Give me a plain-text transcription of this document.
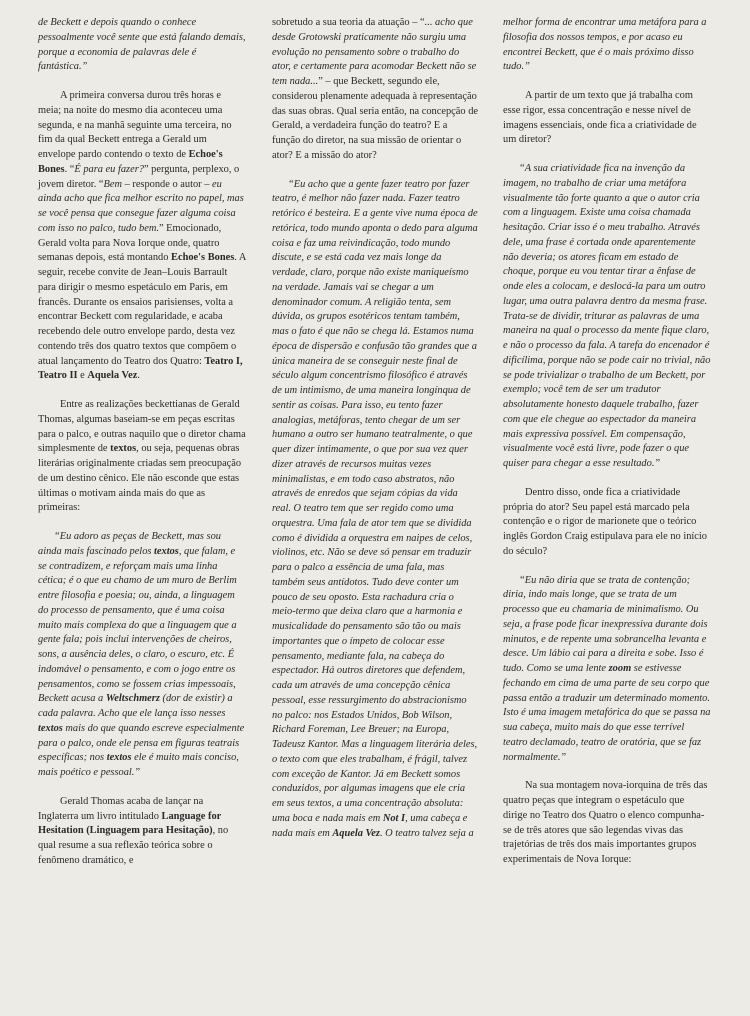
de Beckett e depois quando o conhece pessoalmente você sente que está falando demais, porque a economia de palavras dele é fantástica.”

A primeira conversa durou três horas e meia; na noite do mesmo dia aconteceu uma segunda, e na manhã seguinte uma terceira, no fim da qual Beckett entrega a Gerald um envelope pardo contendo o texto de Echoe's Bones. “É para eu fazer?” pergunta, perplexo, o jovem diretor. “Bem – responde o autor – eu ainda acho que fica melhor escrito no papel, mas se você pensa que consegue fazer alguma coisa com isso no palco, tudo bem.” Emocionado, Gerald volta para Nova Iorque onde, quatro semanas depois, está montando Echoe's Bones. A seguir, recebe convite de Jean–Louis Barrault para dirigir o mesmo espetáculo em Paris, em francês. Durante os ensaios parisienses, volta a encontrar Beckett com regularidade, e acaba recebendo dele outro envelope pardo, desta vez contendo três dos quatro textos que compõem o atual lançamento do Teatro dos Quatro: Teatro I, Teatro II e Aquela Vez.

Entre as realizações beckettianas de Gerald Thomas, algumas baseiam-se em peças escritas para o palco, e outras naquilo que o diretor chama simplesmente de textos, ou seja, pequenas obras literárias originalmente criadas sem preocupação de um destino cênico. Ele não esconde que estas últimas o motivam ainda mais do que as primeiras:

“Eu adoro as peças de Beckett, mas sou ainda mais fascinado pelos textos, que falam, e se contradizem, e reforçam mais uma linha cética; é o que eu chamo de um muro de Berlim entre filosofia e poesia; ou, ainda, a linguagem do processo de pensamento, que é uma coisa muito mais complexa do que a linguagem que a gente fala; pois inclui intervenções de cheiros, sons, a ausência deles, o claro, o escuro, etc. É indomável o pensamento, e com o jogo entre os pensamentos, como se fossem crias impessoais, Beckett acusa a Weltschmerz (dor de existir) a cada palavra. Acho que ele lança isso nesses textos mais do que quando escreve especialmente para o palco, onde ele pensa em figuras teatrais específicas; nos textos ele é muito mais conciso, mais poético e pessoal.”

Gerald Thomas acaba de lançar na Inglaterra um livro intitulado Language for Hesitation (Linguagem para Hesitação), no qual resume a sua reflexão teórica sobre o fenômeno dramático, e

sobretudo a sua teoria da atuação – “... acho que desde Grotowski praticamente não surgiu uma evolução no pensamento sobre o trabalho do ator, e certamente para acomodar Beckett não se tem nada...” – que Beckett, segundo ele, considerou plenamente adequada à representação das suas obras. Qual seria então, na concepção de Gerald, a verdadeira função do teatro? E a função do diretor, na sua missão de orientar o ator? E a missão do ator?

“Eu acho que a gente fazer teatro por fazer teatro, é melhor não fazer nada. Fazer teatro retórico é besteira. E a gente vive numa época de retórica, todo mundo aponta o dedo para alguma coisa e faz uma reivindicação, todo mundo discute, e se está cada vez mais longe da verdade, claro, porque não existe maniqueísmo na verdade. Jamais vai se chegar a um denominador comum. A religião tenta, sem dúvida, os grupos esotéricos tentam também, mas o fato é que não se chega lá. Estamos numa época de dispersão e confusão tão grandes que a única maneira de se conseguir neste final de século algum concentrismo filosófico é através de um intimismo, de uma maneira longínqua de sentir as coisas. Para isso, eu tento fazer analogias, metáforas, tento chegar de um ser humano a outro ser humano teatralmente, o que quer dizer intimamente, o que por sua vez quer dizer através de recursos muitas vezes minimalistas, e em todo caso abstratos, não através de enredos que sejam cópias da vida real. O teatro tem que ser regido como uma orquestra. Uma fala de ator tem que se dividida como é dividida a orquestra em naipes de celos, violinos, etc. Não se deve só pensar em traduzir para o palco a essência de uma fala, mas também seus antídotos. Tudo deve conter um pouco de seu oposto. Esta rachadura cria o meio-termo que deixa claro que a harmonia e musicalidade do pensamento são tão ou mais importantes que o ímpeto de colocar esse pensamento, mediante fala, na cabeça do espectador. Há outros diretores que defendem, cada um através de uma concepção cênica pessoal, esse ressurgimento do abstracionismo no palco: nos Estados Unidos, Bob Wilson, Richard Foreman, Lee Breuer; na Europa, Tadeusz Kantor. Mas a linguagem literária deles, o texto com que eles trabalham, é frágil, talvez com exceção de Kantor. Já em Beckett somos conduzidos, por algumas imagens que ele cria em seus textos, a uma concentração absoluta: uma boca e nada mais em Not I, uma cabeça e nada mais em Aquela Vez. O teatro talvez seja a

melhor forma de encontrar uma metáfora para a filosofia dos nossos tempos, e por acaso eu encontrei Beckett, que é o mais próximo disso tudo.”

A partir de um texto que já trabalha com esse rigor, essa concentração e nesse nível de imagens essenciais, onde fica a criatividade de um diretor?

“A sua criatividade fica na invenção da imagem, no trabalho de criar uma metáfora visualmente tão forte quanto a que o autor cria com a linguagem. Existe uma coisa chamada hesitação. Criar isso é o meu trabalho. Através dele, uma frase é cortada onde aparentemente não deveria; os atores ficam em estado de choque, porque eu vou tentar tirar a ênfase de onde eles a colocam, e deslocá-la para um outro lugar, uma outra palavra dentro da mesma frase. Trata-se de dividir, triturar as palavras de uma maneira na qual o processo da mente fique claro, e não o processo da fala. A tarefa do encenador é dificílima, porque não se pode cair no trivial, não se pode trivializar o trabalho de um Beckett, por exemplo; você tem de ser um tradutor absolutamente honesto daquele trabalho, fazer com que ele chegue ao espectador da maneira mais expressiva possível. Em compensação, visualmente você está livre, pode fazer o que quiser para chegar a esse resultado.”

Dentro disso, onde fica a criatividade própria do ator? Seu papel está marcado pela contenção e o rigor de marionete que o teórico inglês Gordon Craig estipulava para ele no início do século?

“Eu não diria que se trata de contenção; diria, indo mais longe, que se trata de um processo que eu chamaria de minimalismo. Ou seja, a frase pode ficar inexpressiva durante dois minutos, e de repente uma sobrancelha levanta e desce. Um lábio cai para a direita e sobe. Isso é tudo. Como se uma lente zoom se estivesse fechando em cima de uma parte de seu corpo que passa então a traduzir um determinado momento. Isto é uma imagem metafórica do que se passa na sua cabeça, muito mais do que esse terrível teatro declamado, teatro de oratória, que se faz normalmente.”

Na sua montagem nova-iorquina de três das quatro peças que integram o espetáculo que dirige no Teatro dos Quatro o elenco compunha-se de três atores que são legendas vivas das trajetórias de três dos mais importantes grupos experimentais de Nova Iorque:
